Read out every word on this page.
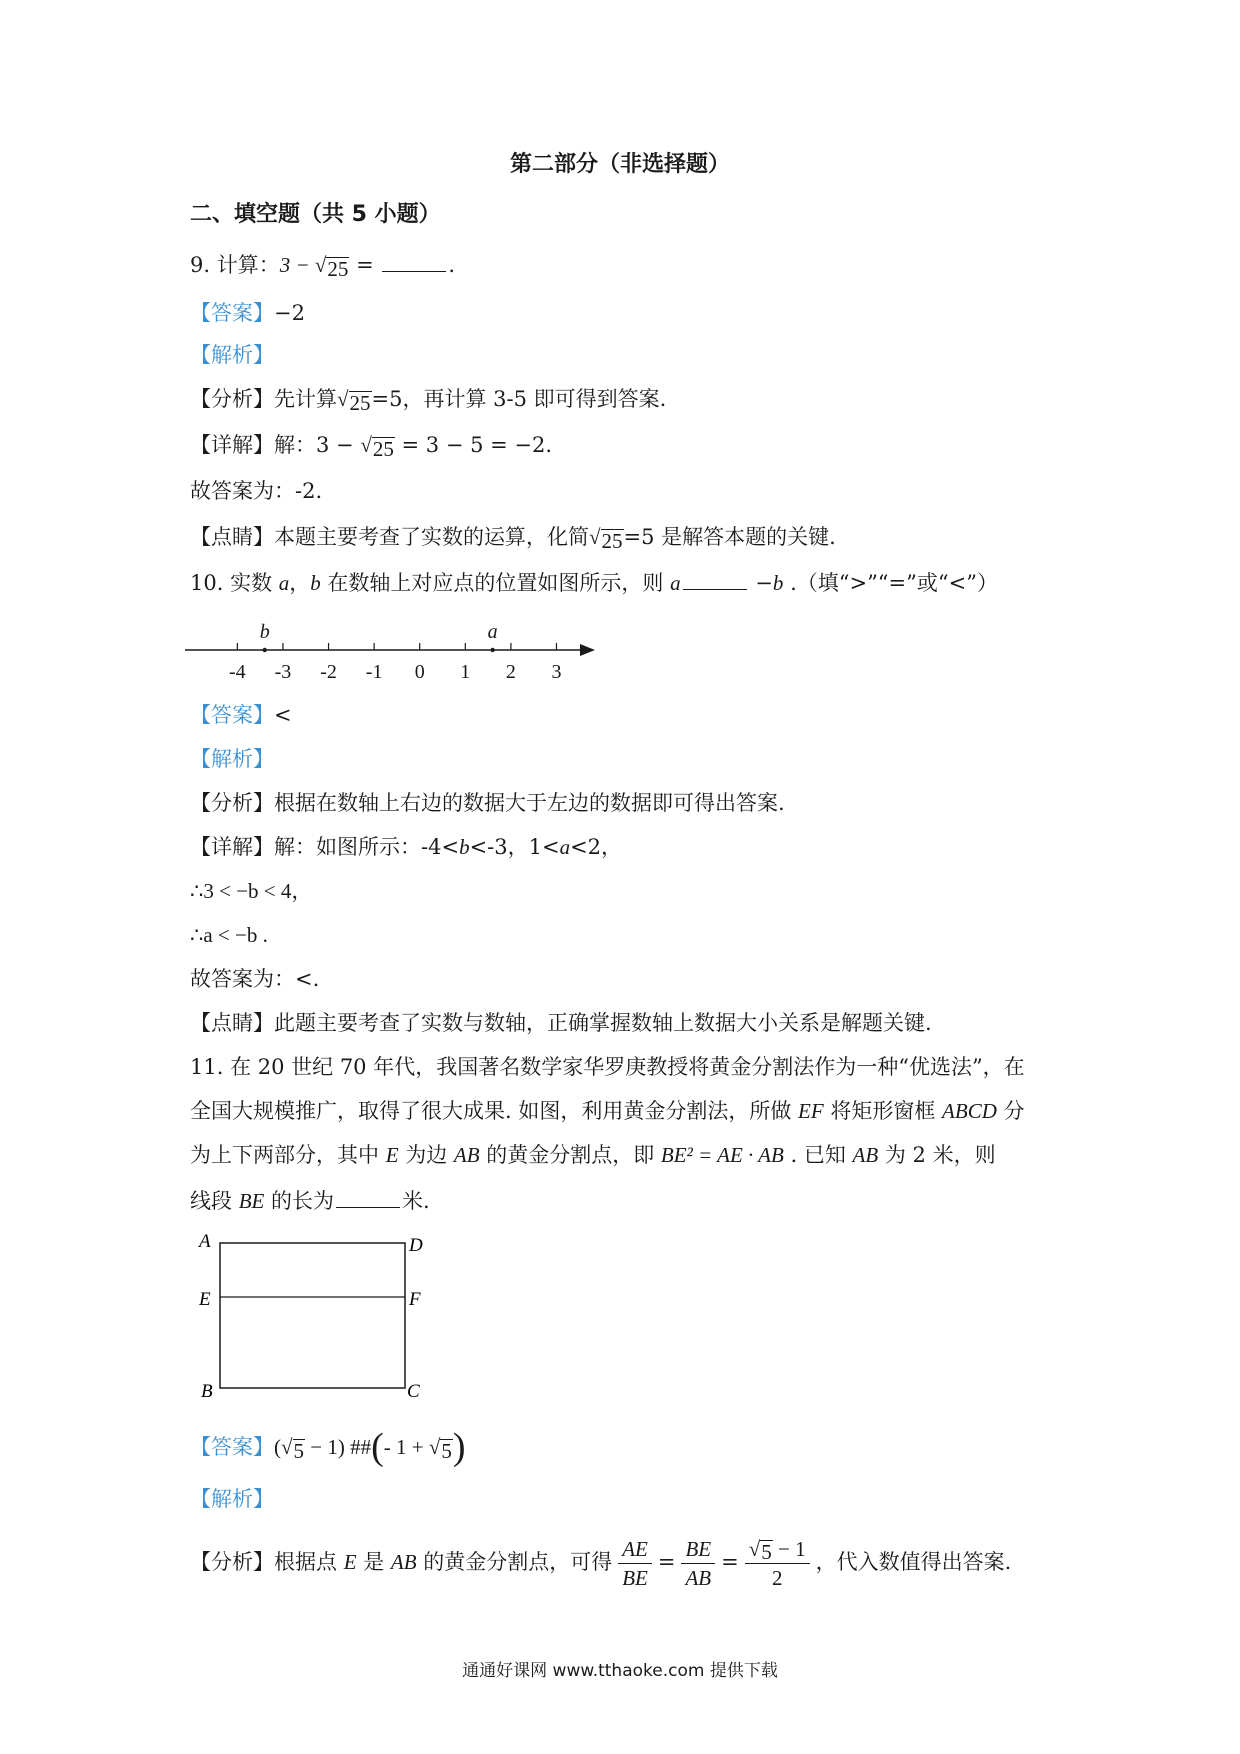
第二部分（非选择题）
二、填空题（共 5 小题）
9. 计算：3 − √ 25 =	.
【答案】−2
【解析】
【分析】先计算 √ 25 =5，再计算 3-5 即可得到答案.
【详解】解：3 − √ 25 = 3 − 5 = −2.
故答案为：-2.
【点睛】本题主要考查了实数的运算，化简 √ 25 =5 是解答本题的关键.
10. 实数 a，b 在数轴上对应点的位置如图所示，则 a	−b .（填“>”“=”或“<”）
-4 -3 -2 -1 0 1 2 3
b	a
【答案】<
【解析】
【分析】根据在数轴上右边的数据大于左边的数据即可得出答案.
【详解】解：如图所示：-4<b<-3，1<a<2，
∴3 < −b < 4，
∴a < −b .
故答案为：<.
【点睛】此题主要考查了实数与数轴，正确掌握数轴上数据大小关系是解题关键.
11. 在 20 世纪 70 年代，我国著名数学家华罗庚教授将黄金分割法作为一种“优选法”，在
全国大规模推广，取得了很大成果. 如图，利用黄金分割法，所做 EF 将矩形窗框 ABCD 分
为上下两部分，其中 E 为边 AB 的黄金分割点，即 BE² = AE · AB . 已知 AB 为 2 米，则
线段 BE 的长为	米.
A	D
E	F
B	C
【答案】( √ 5 − 1) ##(- 1 + √ 5 )
【解析】
【分析】根据点 E 是 AB 的黄金分割点，可得 $\frac{AE}{BE} = \frac{BE}{AB} = \frac{√ 5 - 1}{2}$ ，代入数值得出答案.
通通好课网 www.tthaoke.com 提供下载
